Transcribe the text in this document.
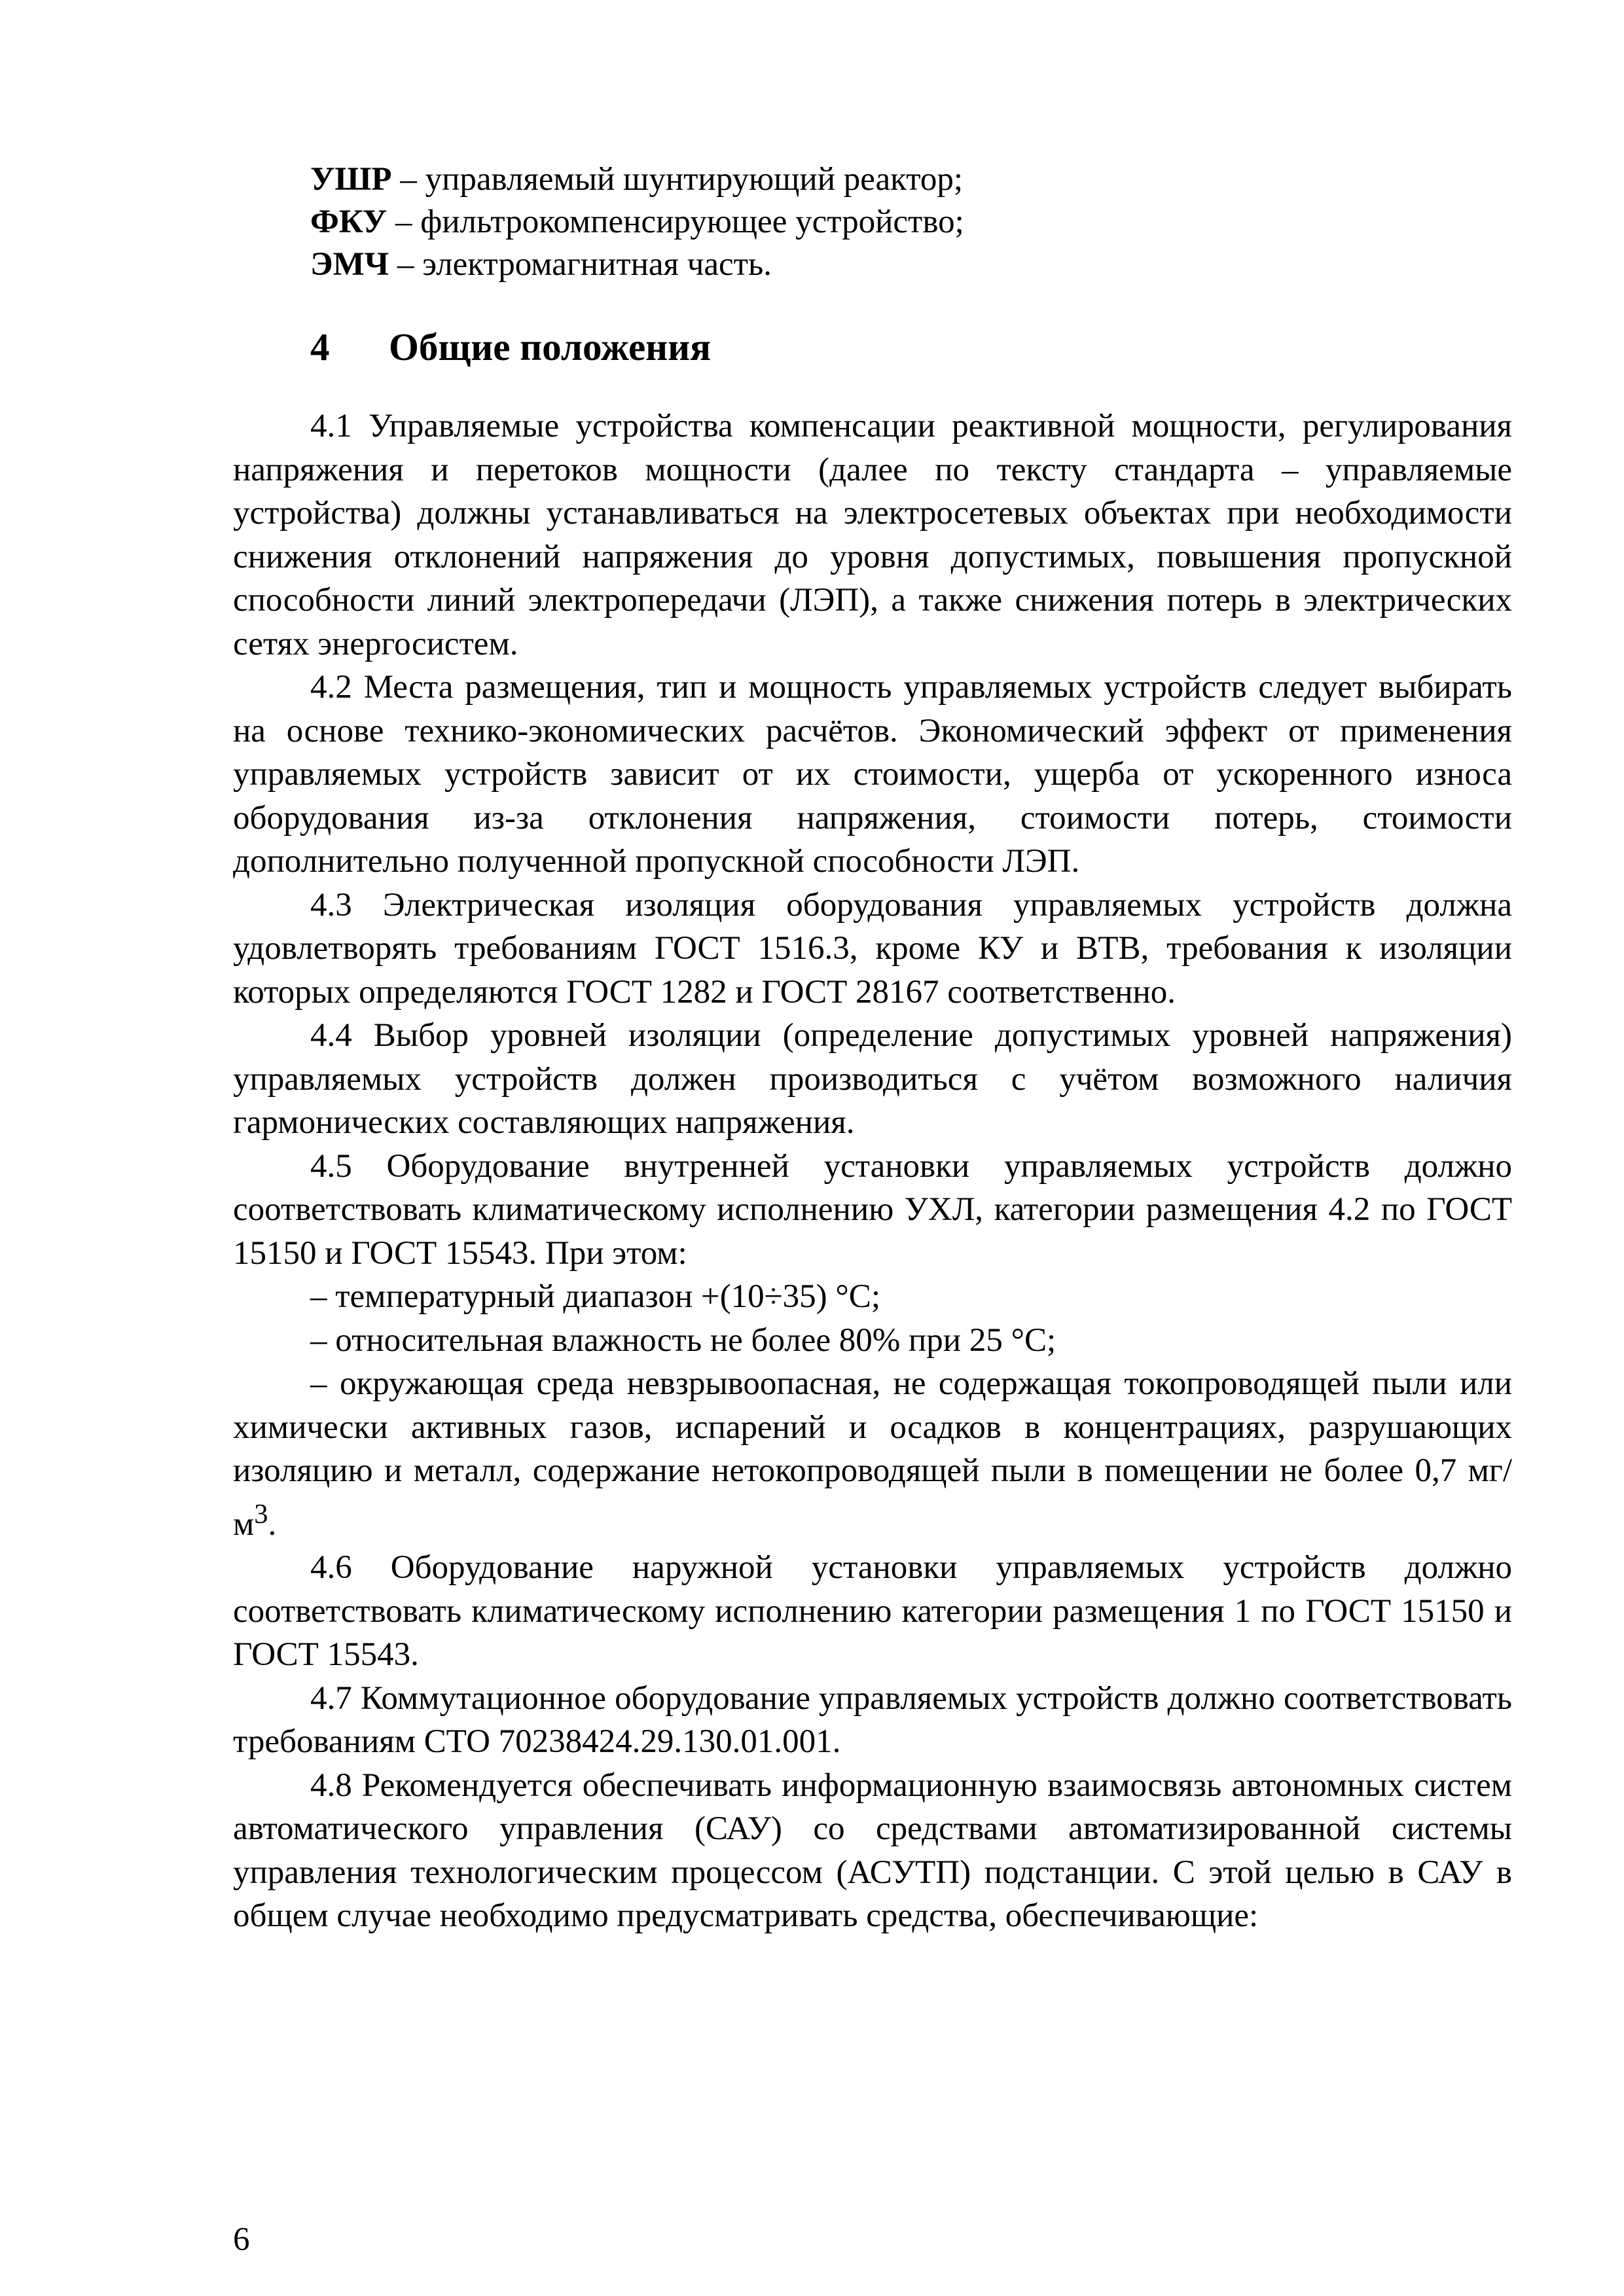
УШР – управляемый шунтирующий реактор;
ФКУ – фильтрокомпенсирующее устройство;
ЭМЧ – электромагнитная часть.
4 Общие положения

4.1 Управляемые устройства компенсации реактивной мощности, регулирования напряжения и перетоков мощности (далее по тексту стандарта – управляемые устройства) должны устанавливаться на электросетевых объектах при необходимости снижения отклонений напряжения до уровня допустимых, повышения пропускной способности линий электропередачи (ЛЭП), а также снижения потерь в электрических сетях энергосистем.

4.2 Места размещения, тип и мощность управляемых устройств следует выбирать на основе технико-экономических расчётов. Экономический эффект от применения управляемых устройств зависит от их стоимости, ущерба от ускоренного износа оборудования из-за отклонения напряжения, стоимости потерь, стоимости дополнительно полученной пропускной способности ЛЭП.

4.3 Электрическая изоляция оборудования управляемых устройств должна удовлетворять требованиям ГОСТ 1516.3, кроме КУ и ВТВ, требования к изоляции которых определяются ГОСТ 1282 и ГОСТ 28167 соответственно.

4.4 Выбор уровней изоляции (определение допустимых уровней напряжения) управляемых устройств должен производиться с учётом возможного наличия гармонических составляющих напряжения.

4.5 Оборудование внутренней установки управляемых устройств должно соответствовать климатическому исполнению УХЛ, категории размещения 4.2 по ГОСТ 15150 и ГОСТ 15543. При этом:

– температурный диапазон +(10÷35) °С;

– относительная влажность не более 80% при 25 °С;

– окружающая среда невзрывоопасная, не содержащая токопроводящей пыли или химически активных газов, испарений и осадков в концентрациях, разрушающих изоляцию и металл, содержание нетокопроводящей пыли в помещении не более 0,7 $мг/м^3$.

4.6 Оборудование наружной установки управляемых устройств должно соответствовать климатическому исполнению категории размещения 1 по ГОСТ 15150 и ГОСТ 15543.

4.7 Коммутационное оборудование управляемых устройств должно соответствовать требованиям СТО 70238424.29.130.01.001.

4.8 Рекомендуется обеспечивать информационную взаимосвязь автономных систем автоматического управления (САУ) со средствами автоматизированной системы управления технологическим процессом (АСУТП) подстанции. С этой целью в САУ в общем случае необходимо предусматривать средства, обеспечивающие:

6
